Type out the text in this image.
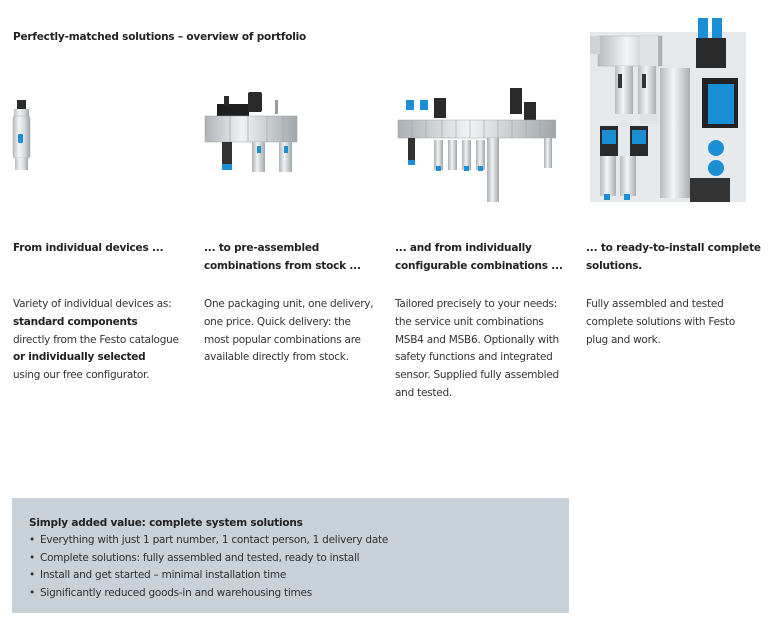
Perfectly-matched solutions – overview of portfolio
From individual devices ...
Variety of individual devices as:
standard components
directly from the Festo catalogue
or individually selected
using our free configurator.
... to pre-assembled
combinations from stock ...
One packaging unit, one delivery,
one price. Quick delivery: the
most popular combinations are
available directly from stock.
... and from individually
configurable combinations ...
Tailored precisely to your needs:
the service unit combinations
MSB4 and MSB6. Optionally with
safety functions and integrated
sensor. Supplied fully assembled
and tested.
... to ready-to-install complete
solutions.
Fully assembled and tested
complete solutions with Festo
plug and work.
Simply added value: complete system solutions
• Everything with just 1 part number, 1 contact person, 1 delivery date
• Complete solutions: fully assembled and tested, ready to install
• Install and get started – minimal installation time
• Significantly reduced goods-in and warehousing times
